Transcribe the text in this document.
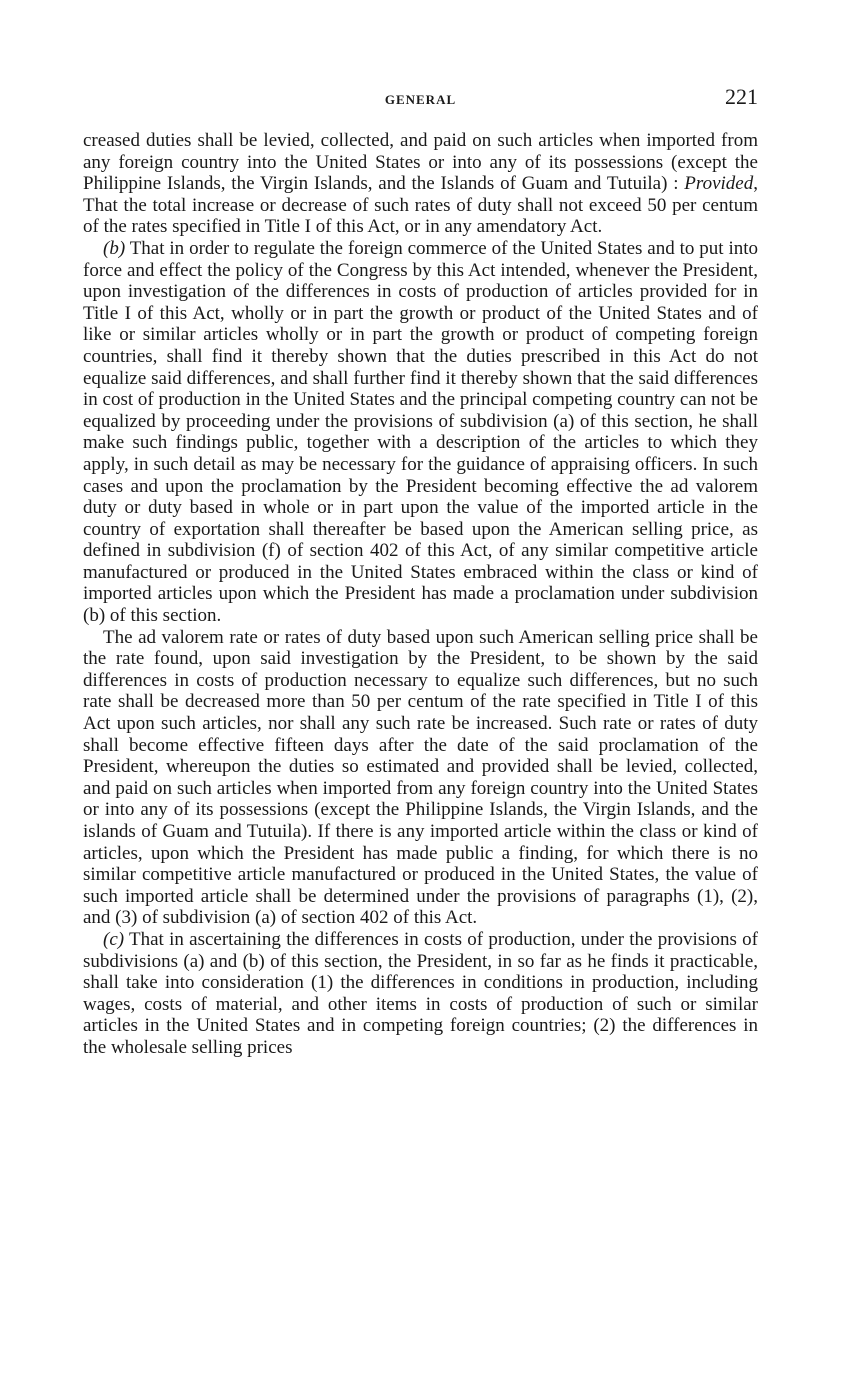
GENERAL	221

creased duties shall be levied, collected, and paid on such articles when imported from any foreign country into the United States or into any of its possessions (except the Philippine Islands, the Virgin Islands, and the Islands of Guam and Tutuila) : Provided, That the total increase or decrease of such rates of duty shall not exceed 50 per centum of the rates specified in Title I of this Act, or in any amendatory Act.

(b) That in order to regulate the foreign commerce of the United States and to put into force and effect the policy of the Congress by this Act intended, whenever the President, upon investigation of the differences in costs of production of articles provided for in Title I of this Act, wholly or in part the growth or product of the United States and of like or similar articles wholly or in part the growth or product of competing foreign countries, shall find it thereby shown that the duties prescribed in this Act do not equalize said differences, and shall further find it thereby shown that the said differences in cost of production in the United States and the principal competing country can not be equalized by proceeding under the provisions of subdivision (a) of this section, he shall make such findings public, together with a description of the articles to which they apply, in such detail as may be necessary for the guidance of appraising officers. In such cases and upon the proclamation by the President becoming effective the ad valorem duty or duty based in whole or in part upon the value of the imported article in the country of exportation shall thereafter be based upon the American selling price, as defined in subdivision (f) of section 402 of this Act, of any similar competitive article manufactured or produced in the United States embraced within the class or kind of imported articles upon which the President has made a proclamation under subdivision (b) of this section.

The ad valorem rate or rates of duty based upon such American selling price shall be the rate found, upon said investigation by the President, to be shown by the said differences in costs of production necessary to equalize such differences, but no such rate shall be decreased more than 50 per centum of the rate specified in Title I of this Act upon such articles, nor shall any such rate be increased. Such rate or rates of duty shall become effective fifteen days after the date of the said proclamation of the President, whereupon the duties so estimated and provided shall be levied, collected, and paid on such articles when imported from any foreign country into the United States or into any of its possessions (except the Philippine Islands, the Virgin Islands, and the islands of Guam and Tutuila). If there is any imported article within the class or kind of articles, upon which the President has made public a finding, for which there is no similar competitive article manufactured or produced in the United States, the value of such imported article shall be determined under the provisions of paragraphs (1), (2), and (3) of subdivision (a) of section 402 of this Act.

(c) That in ascertaining the differences in costs of production, under the provisions of subdivisions (a) and (b) of this section, the President, in so far as he finds it practicable, shall take into consideration (1) the differences in conditions in production, including wages, costs of material, and other items in costs of production of such or similar articles in the United States and in competing foreign countries; (2) the differences in the wholesale selling prices
